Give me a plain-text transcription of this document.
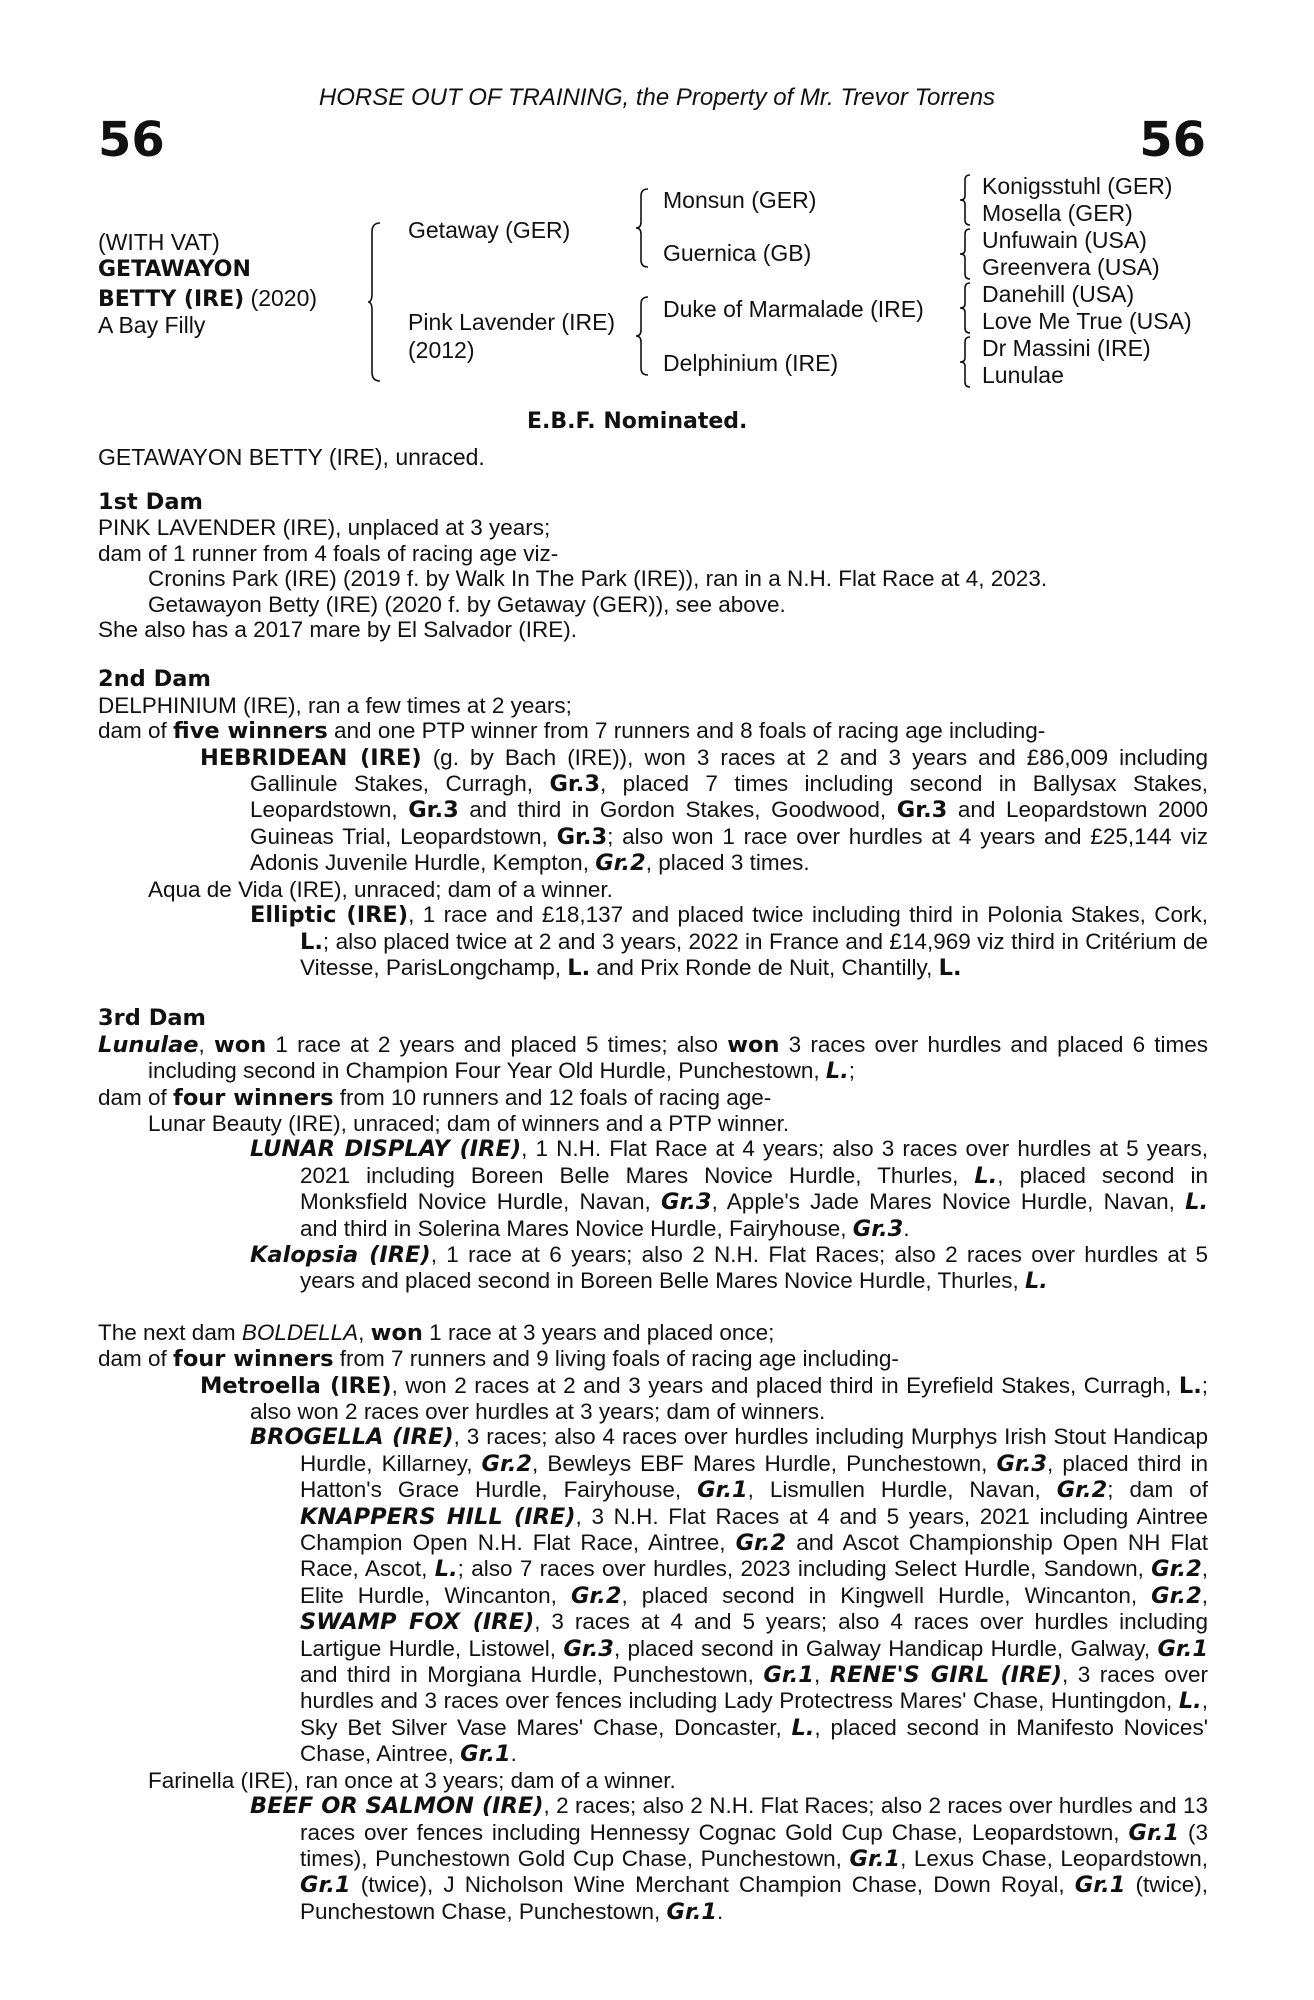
HORSE OUT OF TRAINING, the Property of Mr. Trevor Torrens
56	56
(WITH VAT)
GETAWAYON
BETTY (IRE) (2020)
A Bay Filly
Getaway (GER)
Pink Lavender (IRE)
(2012)
Monsun (GER)
Guernica (GB)
Duke of Marmalade (IRE)
Delphinium (IRE)
Konigsstuhl (GER)
Mosella (GER)
Unfuwain (USA)
Greenvera (USA)
Danehill (USA)
Love Me True (USA)
Dr Massini (IRE)
Lunulae
E.B.F. Nominated.
GETAWAYON BETTY (IRE), unraced.

1st Dam

PINK LAVENDER (IRE), unplaced at 3 years;

dam of 1 runner from 4 foals of racing age viz-

Cronins Park (IRE) (2019 f. by Walk In The Park (IRE)), ran in a N.H. Flat Race at 4, 2023.

Getawayon Betty (IRE) (2020 f. by Getaway (GER)), see above.

She also has a 2017 mare by El Salvador (IRE).

2nd Dam

DELPHINIUM (IRE), ran a few times at 2 years;

dam of five winners and one PTP winner from 7 runners and 8 foals of racing age including-

HEBRIDEAN (IRE) (g. by Bach (IRE)), won 3 races at 2 and 3 years and £86,009 including Gallinule Stakes, Curragh, Gr.3, placed 7 times including second in Ballysax Stakes, Leopardstown, Gr.3 and third in Gordon Stakes, Goodwood, Gr.3 and Leopardstown 2000 Guineas Trial, Leopardstown, Gr.3; also won 1 race over hurdles at 4 years and £25,144 viz Adonis Juvenile Hurdle, Kempton, Gr.2, placed 3 times.

Aqua de Vida (IRE), unraced; dam of a winner.

Elliptic (IRE), 1 race and £18,137 and placed twice including third in Polonia Stakes, Cork, L.; also placed twice at 2 and 3 years, 2022 in France and £14,969 viz third in Critérium de Vitesse, ParisLongchamp, L. and Prix Ronde de Nuit, Chantilly, L.

3rd Dam

Lunulae, won 1 race at 2 years and placed 5 times; also won 3 races over hurdles and placed 6 times including second in Champion Four Year Old Hurdle, Punchestown, L.;

dam of four winners from 10 runners and 12 foals of racing age-

Lunar Beauty (IRE), unraced; dam of winners and a PTP winner.

LUNAR DISPLAY (IRE), 1 N.H. Flat Race at 4 years; also 3 races over hurdles at 5 years, 2021 including Boreen Belle Mares Novice Hurdle, Thurles, L., placed second in Monksfield Novice Hurdle, Navan, Gr.3, Apple's Jade Mares Novice Hurdle, Navan, L. and third in Solerina Mares Novice Hurdle, Fairyhouse, Gr.3.

Kalopsia (IRE), 1 race at 6 years; also 2 N.H. Flat Races; also 2 races over hurdles at 5 years and placed second in Boreen Belle Mares Novice Hurdle, Thurles, L.

The next dam BOLDELLA, won 1 race at 3 years and placed once;

dam of four winners from 7 runners and 9 living foals of racing age including-

Metroella (IRE), won 2 races at 2 and 3 years and placed third in Eyrefield Stakes, Curragh, L.; also won 2 races over hurdles at 3 years; dam of winners.

BROGELLA (IRE), 3 races; also 4 races over hurdles including Murphys Irish Stout Handicap Hurdle, Killarney, Gr.2, Bewleys EBF Mares Hurdle, Punchestown, Gr.3, placed third in Hatton's Grace Hurdle, Fairyhouse, Gr.1, Lismullen Hurdle, Navan, Gr.2; dam of KNAPPERS HILL (IRE), 3 N.H. Flat Races at 4 and 5 years, 2021 including Aintree Champion Open N.H. Flat Race, Aintree, Gr.2 and Ascot Championship Open NH Flat Race, Ascot, L.; also 7 races over hurdles, 2023 including Select Hurdle, Sandown, Gr.2, Elite Hurdle, Wincanton, Gr.2, placed second in Kingwell Hurdle, Wincanton, Gr.2, SWAMP FOX (IRE), 3 races at 4 and 5 years; also 4 races over hurdles including Lartigue Hurdle, Listowel, Gr.3, placed second in Galway Handicap Hurdle, Galway, Gr.1 and third in Morgiana Hurdle, Punchestown, Gr.1, RENE'S GIRL (IRE), 3 races over hurdles and 3 races over fences including Lady Protectress Mares' Chase, Huntingdon, L., Sky Bet Silver Vase Mares' Chase, Doncaster, L., placed second in Manifesto Novices' Chase, Aintree, Gr.1.

Farinella (IRE), ran once at 3 years; dam of a winner.

BEEF OR SALMON (IRE), 2 races; also 2 N.H. Flat Races; also 2 races over hurdles and 13 races over fences including Hennessy Cognac Gold Cup Chase, Leopardstown, Gr.1 (3 times), Punchestown Gold Cup Chase, Punchestown, Gr.1, Lexus Chase, Leopardstown, Gr.1 (twice), J Nicholson Wine Merchant Champion Chase, Down Royal, Gr.1 (twice), Punchestown Chase, Punchestown, Gr.1.
